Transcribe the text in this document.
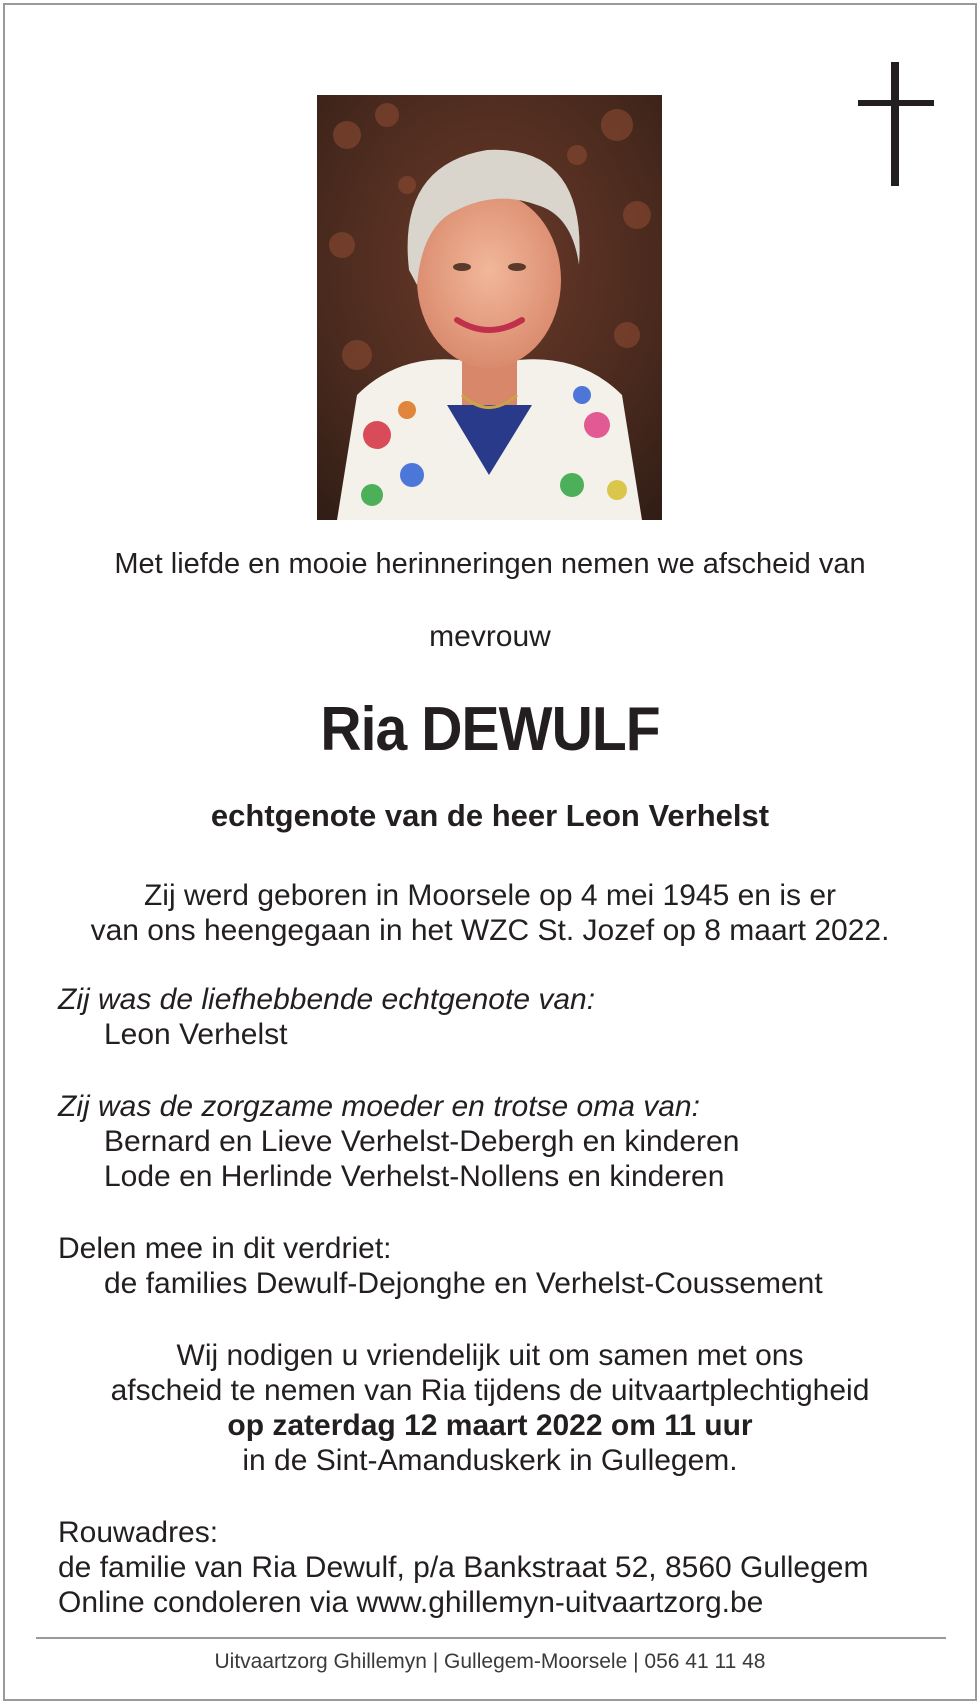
Met liefde en mooie herinneringen nemen we afscheid van
mevrouw
Ria DEWULF
echtgenote van de heer Leon Verhelst
Zij werd geboren in Moorsele op 4 mei 1945 en is er
van ons heengegaan in het WZC St. Jozef op 8 maart 2022.
Zij was de liefhebbende echtgenote van:
Leon Verhelst
Zij was de zorgzame moeder en trotse oma van:
Bernard en Lieve Verhelst-Debergh en kinderen
Lode en Herlinde Verhelst-Nollens en kinderen
Delen mee in dit verdriet:
de families Dewulf-Dejonghe en Verhelst-Coussement
Wij nodigen u vriendelijk uit om samen met ons
afscheid te nemen van Ria tijdens de uitvaartplechtigheid
op zaterdag 12 maart 2022 om 11 uur
in de Sint-Amanduskerk in Gullegem.
Rouwadres:
de familie van Ria Dewulf, p/a Bankstraat 52, 8560 Gullegem
Online condoleren via www.ghillemyn-uitvaartzorg.be
Uitvaartzorg Ghillemyn | Gullegem-Moorsele | 056 41 11 48
